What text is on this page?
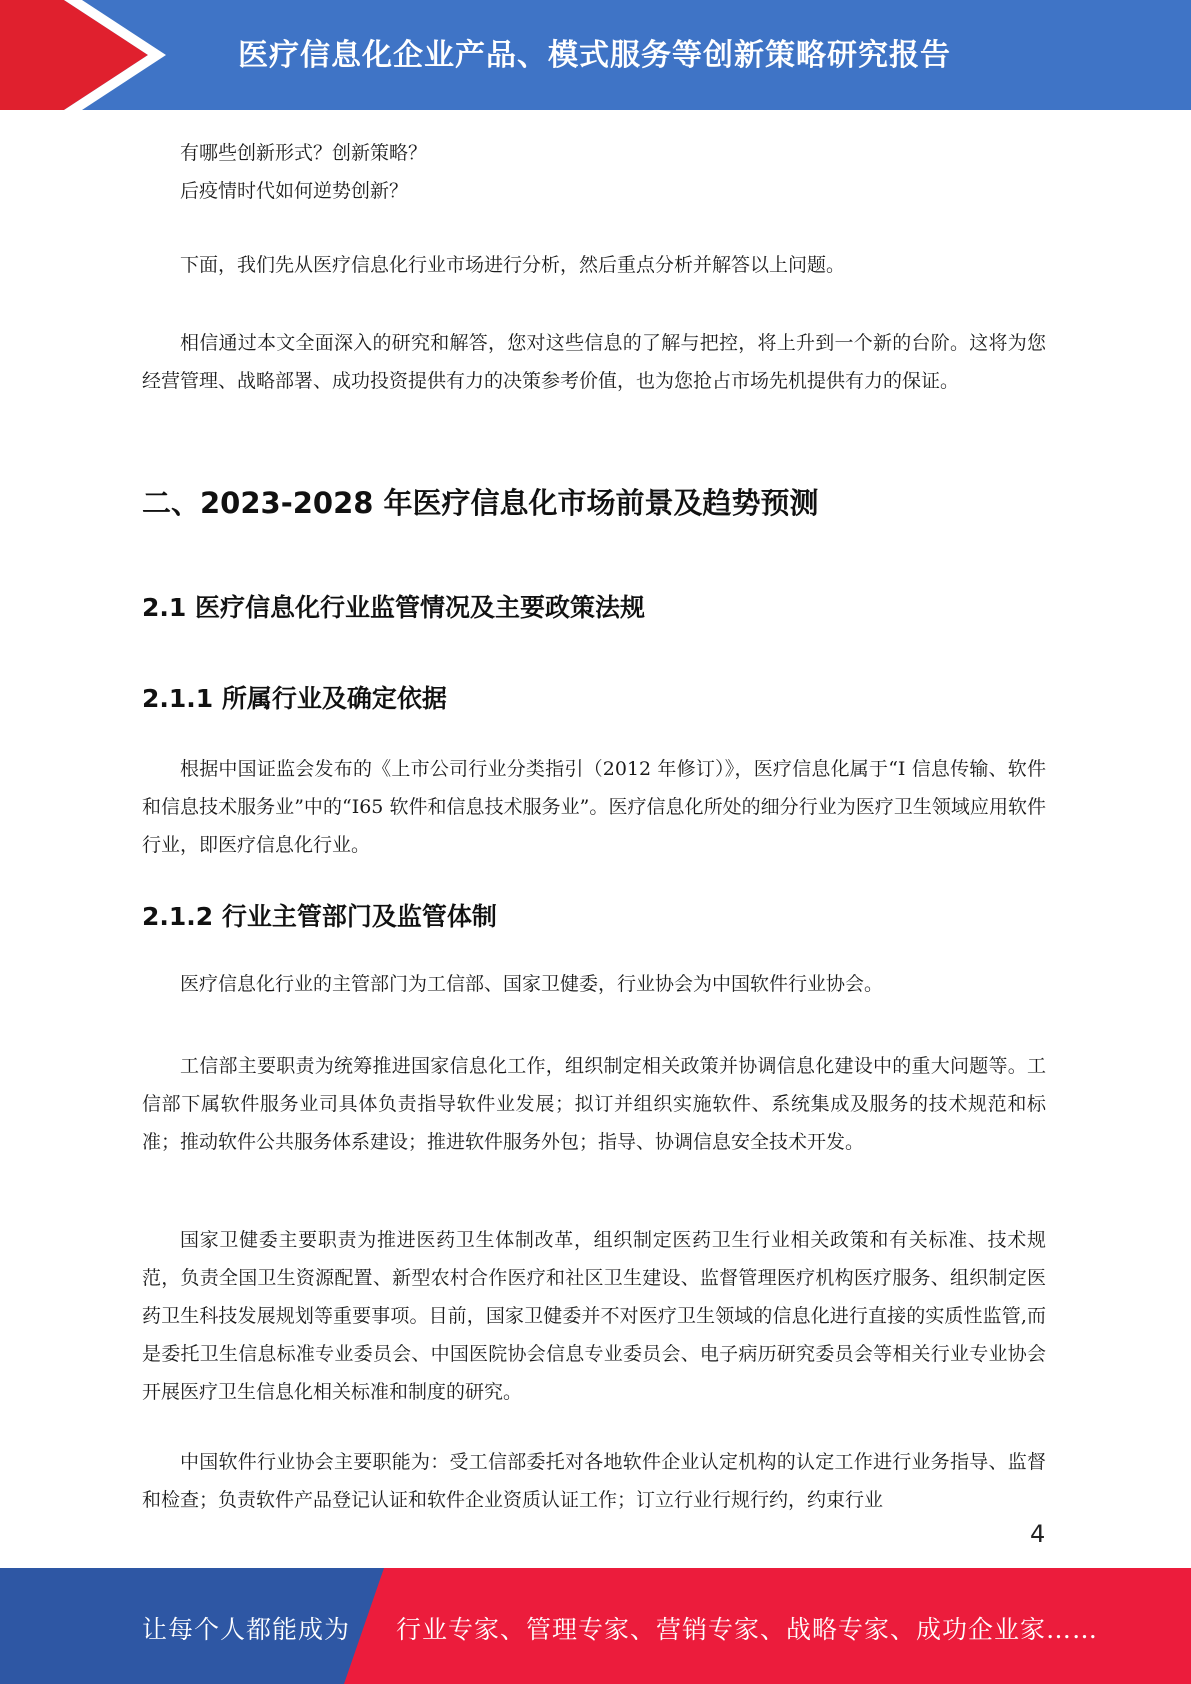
医疗信息化企业产品、模式服务等创新策略研究报告

有哪些创新形式？创新策略？

后疫情时代如何逆势创新？

下面，我们先从医疗信息化行业市场进行分析，然后重点分析并解答以上问题。

相信通过本文全面深入的研究和解答，您对这些信息的了解与把控，将上升到一个新的台阶。这将为您经营管理、战略部署、成功投资提供有力的决策参考价值，也为您抢占市场先机提供有力的保证。

二、2023-2028 年医疗信息化市场前景及趋势预测
2.1 医疗信息化行业监管情况及主要政策法规
2.1.1 所属行业及确定依据

根据中国证监会发布的《上市公司行业分类指引（2012 年修订）》，医疗信息化属于“I 信息传输、软件和信息技术服务业”中的“I65 软件和信息技术服务业”。医疗信息化所处的细分行业为医疗卫生领域应用软件行业，即医疗信息化行业。

2.1.2 行业主管部门及监管体制

医疗信息化行业的主管部门为工信部、国家卫健委，行业协会为中国软件行业协会。

工信部主要职责为统筹推进国家信息化工作，组织制定相关政策并协调信息化建设中的重大问题等。工信部下属软件服务业司具体负责指导软件业发展；拟订并组织实施软件、系统集成及服务的技术规范和标准；推动软件公共服务体系建设；推进软件服务外包；指导、协调信息安全技术开发。

国家卫健委主要职责为推进医药卫生体制改革，组织制定医药卫生行业相关政策和有关标准、技术规范，负责全国卫生资源配置、新型农村合作医疗和社区卫生建设、监督管理医疗机构医疗服务、组织制定医药卫生科技发展规划等重要事项。目前，国家卫健委并不对医疗卫生领域的信息化进行直接的实质性监管,而是委托卫生信息标准专业委员会、中国医院协会信息专业委员会、电子病历研究委员会等相关行业专业协会开展医疗卫生信息化相关标准和制度的研究。

中国软件行业协会主要职能为：受工信部委托对各地软件企业认定机构的认定工作进行业务指导、监督和检查；负责软件产品登记认证和软件企业资质认证工作；订立行业行规行约，约束行业

4
让每个人都能成为 行业专家、管理专家、营销专家、战略专家、成功企业家……
